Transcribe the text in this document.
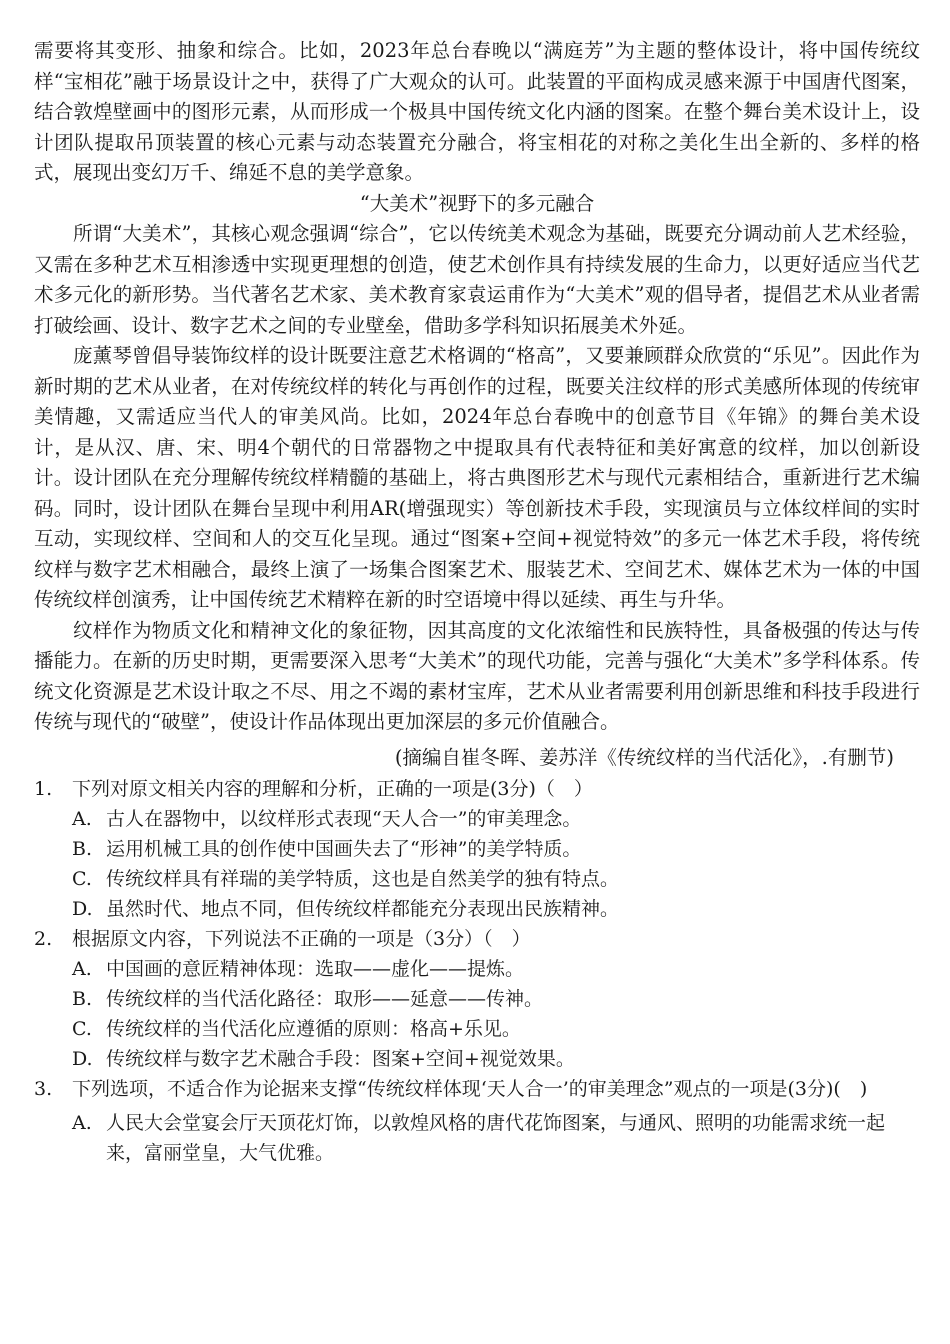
需要将其变形、抽象和综合。比如，2023年总台春晚以“满庭芳”为主题的整体设计，将中国传统纹样“宝相花”融于场景设计之中，获得了广大观众的认可。此装置的平面构成灵感来源于中国唐代图案，结合敦煌壁画中的图形元素，从而形成一个极具中国传统文化内涵的图案。在整个舞台美术设计上，设计团队提取吊顶装置的核心元素与动态装置充分融合，将宝相花的对称之美化生出全新的、多样的格式，展现出变幻万千、绵延不息的美学意象。

“大美术”视野下的多元融合

所谓“大美术”，其核心观念强调“综合”，它以传统美术观念为基础，既要充分调动前人艺术经验，又需在多种艺术互相渗透中实现更理想的创造，使艺术创作具有持续发展的生命力，以更好适应当代艺术多元化的新形势。当代著名艺术家、美术教育家袁运甫作为“大美术”观的倡导者，提倡艺术从业者需打破绘画、设计、数字艺术之间的专业壁垒，借助多学科知识拓展美术外延。

庞薰琴曾倡导装饰纹样的设计既要注意艺术格调的“格高”，又要兼顾群众欣赏的“乐见”。因此作为新时期的艺术从业者，在对传统纹样的转化与再创作的过程，既要关注纹样的形式美感所体现的传统审美情趣，又需适应当代人的审美风尚。比如，2024年总台春晚中的创意节目《年锦》的舞台美术设计，是从汉、唐、宋、明4个朝代的日常器物之中提取具有代表特征和美好寓意的纹样，加以创新设计。设计团队在充分理解传统纹样精髓的基础上，将古典图形艺术与现代元素相结合，重新进行艺术编码。同时，设计团队在舞台呈现中利用AR(增强现实）等创新技术手段，实现演员与立体纹样间的实时互动，实现纹样、空间和人的交互化呈现。通过“图案+空间+视觉特效”的多元一体艺术手段，将传统纹样与数字艺术相融合，最终上演了一场集合图案艺术、服装艺术、空间艺术、媒体艺术为一体的中国传统纹样创演秀，让中国传统艺术精粹在新的时空语境中得以延续、再生与升华。

纹样作为物质文化和精神文化的象征物，因其高度的文化浓缩性和民族特性，具备极强的传达与传播能力。在新的历史时期，更需要深入思考“大美术”的现代功能，完善与强化“大美术”多学科体系。传统文化资源是艺术设计取之不尽、用之不竭的素材宝库，艺术从业者需要利用创新思维和科技手段进行传统与现代的“破壁”，使设计作品体现出更加深层的多元价值融合。

(摘编自崔冬晖、姜苏洋《传统纹样的当代活化》，.有删节)

1.	下列对原文相关内容的理解和分析，正确的一项是(3分)（　）
A. 古人在器物中，以纹样形式表现“天人合一”的审美理念。
B. 运用机械工具的创作使中国画失去了“形神”的美学特质。
C. 传统纹样具有祥瑞的美学特质，这也是自然美学的独有特点。
D. 虽然时代、地点不同，但传统纹样都能充分表现出民族精神。
2.	根据原文内容，下列说法不正确的一项是（3分）（　）
A. 中国画的意匠精神体现：选取——虚化——提炼。
B. 传统纹样的当代活化路径：取形——延意——传神。
C. 传统纹样的当代活化应遵循的原则：格高+乐见。
D. 传统纹样与数字艺术融合手段：图案+空间+视觉效果。
3.	下列选项，不适合作为论据来支撑“传统纹样体现‘天人合一’的审美理念”观点的一项是(3分)(　)
A. 人民大会堂宴会厅天顶花灯饰，以敦煌风格的唐代花饰图案，与通风、照明的功能需求统一起来，富丽堂皇，大气优雅。
